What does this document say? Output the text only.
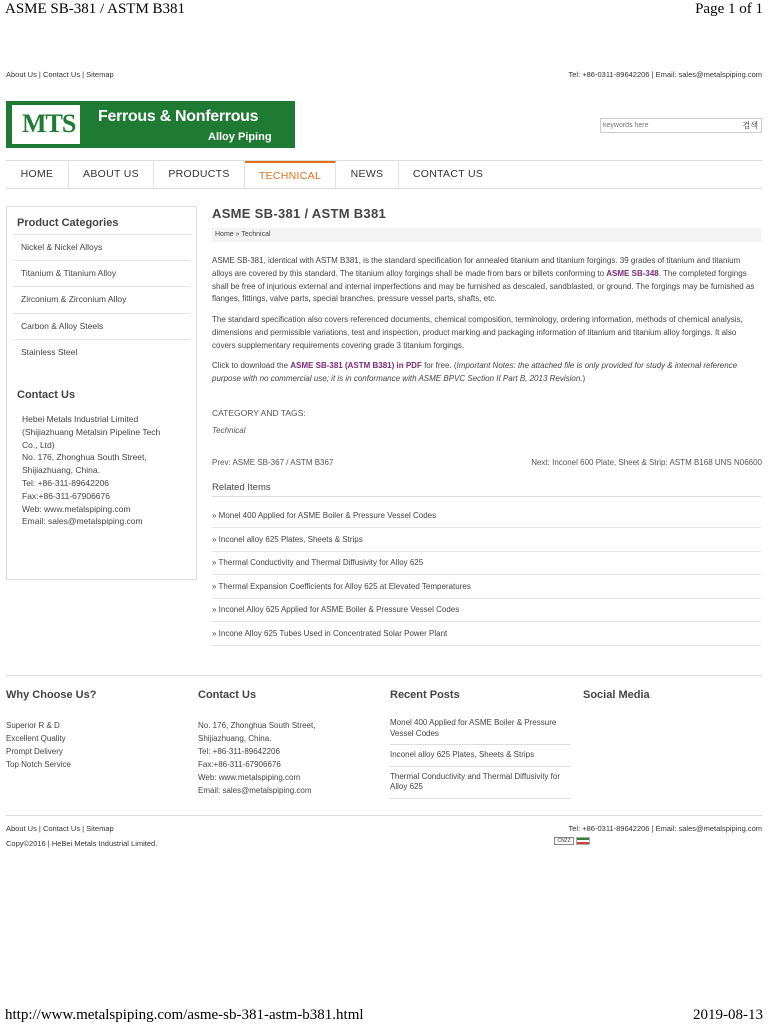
ASME SB-381 / ASTM B381	Page 1 of 1
About Us | Contact Us | Sitemap	Tel: +86-0311-89642206 | Email: sales@metalspiping.com
MTS Ferrous & Nonferrous
Alloy Piping
keywords here
검색
HOME	ABOUT US	PRODUCTS	TECHNICAL	NEWS	CONTACT US
Product Categories
Nickel & Nickel Alloys
Titanium & Titanium Alloy
Zirconium & Zirconium Alloy
Carbon & Alloy Steels
Stainless Steel
Contact Us
Hebei Metals Industrial Limited
(Shijiazhuang Metalsin Pipeline Tech
Co., Ltd)
No. 176, Zhonghua South Street,
Shijiazhuang, China.
Tel: +86-311-89642206
Fax:+86-311-67906676
Web: www.metalspiping.com
Email: sales@metalspiping.com
ASME SB-381 / ASTM B381
Home » Technical
ASME SB-381, identical with ASTM B381, is the standard specification for annealed titanium and titanium forgings. 39 grades of titanium and titanium alloys are covered by this standard. The titanium alloy forgings shall be made from bars or billets conforming to ASME SB-348. The completed forgings shall be free of injurious external and internal imperfections and may be furnished as descaled, sandblasted, or ground. The forgings may be furnished as flanges, fittings, valve parts, special branches, pressure vessel parts, shafts, etc.
The standard specification also covers referenced documents, chemical composition, terminology, ordering information, methods of chemical analysis, dimensions and permissible variations, test and inspection, product marking and packaging information of titanium and titanium alloy forgings. It also covers supplementary requirements covering grade 3 titanium forgings.
Click to download the ASME SB-381 (ASTM B381) in PDF for free. (Important Notes: the attached file is only provided for study & internal reference purpose with no commercial use; it is in conformance with ASME BPVC Section II Part B, 2013 Revision.)
CATEGORY AND TAGS:
Technical
Prev: ASME SB-367 / ASTM B367	Next: Inconel 600 Plate, Sheet & Strip: ASTM B168 UNS N06600
Related Items
» Monel 400 Applied for ASME Boiler & Pressure Vessel Codes
» Inconel alloy 625 Plates, Sheets & Strips
» Thermal Conductivity and Thermal Diffusivity for Alloy 625
» Thermal Expansion Coefficients for Alloy 625 at Elevated Temperatures
» Inconel Alloy 625 Applied for ASME Boiler & Pressure Vessel Codes
» Incone Alloy 625 Tubes Used in Concentrated Solar Power Plant
Why Choose Us?
Superior R & D
Excellent Quality
Prompt Delivery
Top Notch Service
Contact Us
No. 176, Zhonghua South Street,
Shijiazhuang, China.
Tel: +86-311-89642206
Fax:+86-311-67906676
Web: www.metalspiping.com
Email: sales@metalspiping.com
Recent Posts
Monel 400 Applied for ASME Boiler & Pressure Vessel Codes
Inconel alloy 625 Plates, Sheets & Strips
Thermal Conductivity and Thermal Diffusivity for Alloy 625
Social Media
About Us | Contact Us | Sitemap	Tel: +86-0311-89642206 | Email: sales@metalspiping.com
Copy©2016 | HeBei Metals Industrial Limited.	CNZZ
http://www.metalspiping.com/asme-sb-381-astm-b381.html	2019-08-13
